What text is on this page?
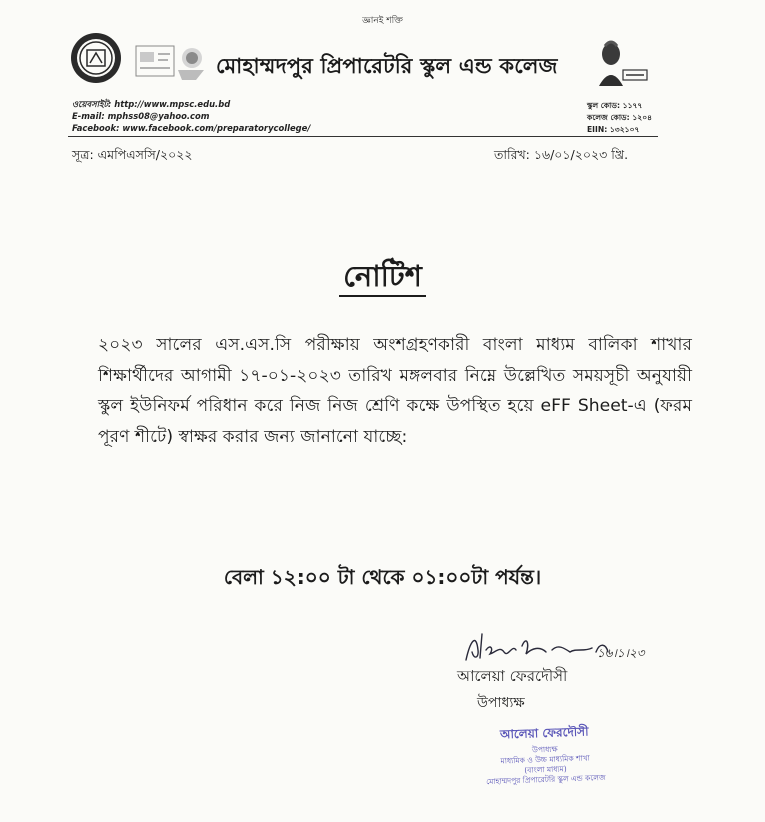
জ্ঞানই শক্তি
মোহাম্মদপুর প্রিপারেটরি স্কুল এন্ড কলেজ
ওয়েবসাইট: http://www.mpsc.edu.bd
E-mail: mphss08@yahoo.com
Facebook: www.facebook.com/preparatorycollege/
স্কুল কোড: ১১৭৭
কলেজ কোড: ১২০৪
EIIN: ১৩২১০৭
সূত্র: এমপিএসসি/২০২২	তারিখ: ১৬/০১/২০২৩ খ্রি.
নোটিশ
২০২৩ সালের এস.এস.সি পরীক্ষায় অংশগ্রহণকারী বাংলা মাধ্যম বালিকা শাখার শিক্ষার্থীদের আগামী ১৭-০১-২০২৩ তারিখ মঙ্গলবার নিম্নে উল্লেখিত সময়সূচী অনুযায়ী স্কুল ইউনিফর্ম পরিধান করে নিজ নিজ শ্রেণি কক্ষে উপস্থিত হয়ে eFF Sheet-এ (ফরম পূরণ শীটে) স্বাক্ষর করার জন্য জানানো যাচ্ছে:
বেলা ১২:০০ টা থেকে ০১:০০টা পর্যন্ত।
১৬।১।২৩
আলেয়া ফেরদৌসী
উপাধ্যক্ষ
আলেয়া ফেরদৌসী
উপাধ্যক্ষ
মাধ্যমিক ও উচ্চ মাধ্যমিক শাখা
(বাংলা মাধ্যম)
মোহাম্মদপুর প্রিপারেটরি স্কুল এন্ড কলেজ
